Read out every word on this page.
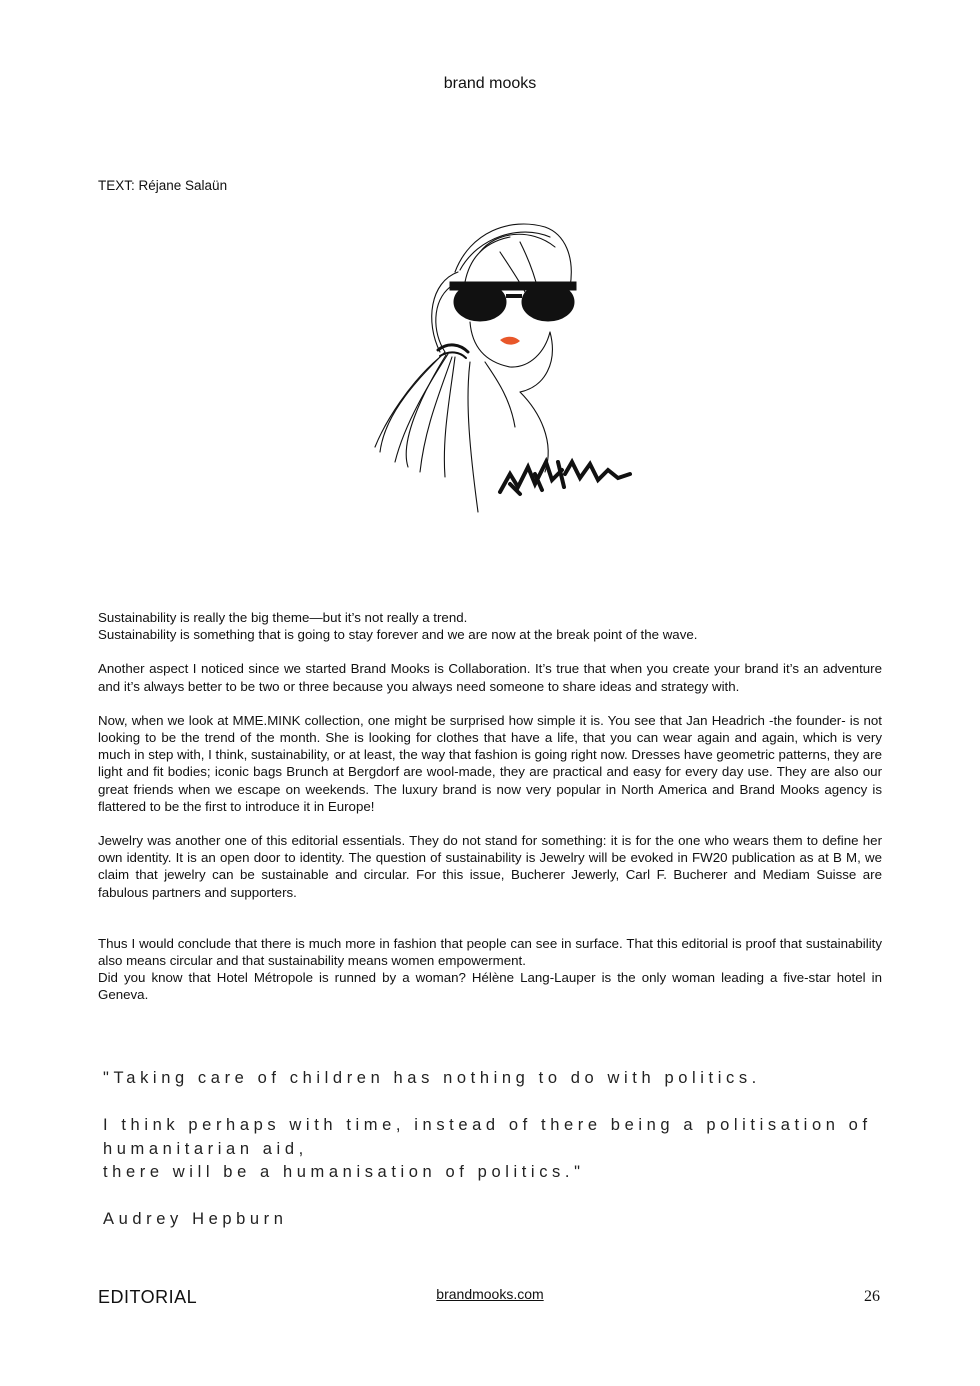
brand mooks
TEXT: Réjane Salaün

Sustainability is really the big theme—but it’s not really a trend.

Sustainability is something that is going to stay forever and we are now at the break point of the wave.

Another aspect I noticed since we started Brand Mooks is Collaboration. It’s true that when you create your brand it’s an adventure and it’s always better to be two or three because you always need someone to share ideas and strategy with.

Now, when we look at MME.MINK collection, one might be surprised how simple it is. You see that Jan Headrich -the founder- is not looking to be the trend of the month. She is looking for clothes that have a life, that you can wear again and again, which is very much in step with, I think, sustainability, or at least, the way that fashion is going right now. Dresses have geometric patterns, they are light and fit bodies; iconic bags Brunch at Bergdorf are wool-made, they are practical and easy for every day use. They are also our great friends when we escape on weekends. The luxury brand is now very popular in North America and Brand Mooks agency is flattered to be the first to introduce it in Europe!

Jewelry was another one of this editorial essentials. They do not stand for something: it is for the one who wears them to define her own identity. It is an open door to identity. The question of sustainability is Jewelry will be evoked in FW20 publication as at B M, we claim that jewelry can be sustainable and circular. For this issue, Bucherer Jewerly, Carl F. Bucherer and Mediam Suisse are fabulous partners and supporters.

Thus I would conclude that there is much more in fashion that people can see in surface. That this editorial is proof that sustainability also means circular and that sustainability means women empowerment.

Did you know that Hotel Métropole is runned by a woman? Hélène Lang-Lauper is the only woman leading a five-star hotel in Geneva.

"Taking care of children has nothing to do with politics.

I think perhaps with time, instead of there being a politisation of humanitarian aid,

there will be a humanisation of politics."

Audrey Hepburn

EDITORIAL	brandmooks.com	26
